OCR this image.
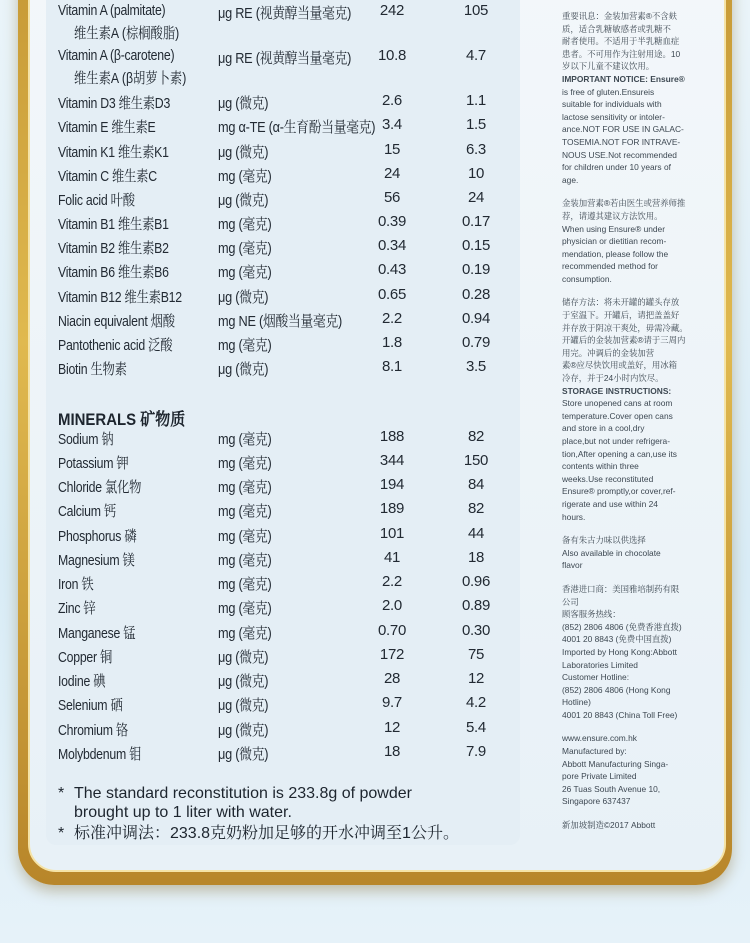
Vitamin A (palmitate)
维生素A (棕榈酸脂)
μg RE (视黄醇当量毫克)	242	105
Vitamin A (β-carotene)
维生素A (β胡萝卜素)
μg RE (视黄醇当量毫克)	10.8	4.7
Vitamin D3 维生素D3	μg (微克)	2.6	1.1
Vitamin E 维生素E	mg α-TE (α-生育酚当量毫克) 3.4	1.5
Vitamin K1 维生素K1	μg (微克)	15	6.3
Vitamin C 维生素C	mg (毫克)	24	10
Folic acid 叶酸	μg (微克)	56	24
Vitamin B1 维生素B1	mg (毫克)	0.39	0.17
Vitamin B2 维生素B2	mg (毫克)	0.34	0.15
Vitamin B6 维生素B6	mg (毫克)	0.43	0.19
Vitamin B12 维生素B12 μg (微克)	0.65	0.28
Niacin equivalent 烟酸	mg NE (烟酸当量毫克)	2.2	0.94
Pantothenic acid 泛酸	mg (毫克)	1.8	0.79
Biotin 生物素	μg (微克)	8.1	3.5
MINERALS 矿物质
Sodium 钠	mg (毫克)	188	82
Potassium 钾	mg (毫克)	344	150
Chloride 氯化物	mg (毫克)	194	84
Calcium 钙	mg (毫克)	189	82
Phosphorus 磷	mg (毫克)	101	44
Magnesium 镁	mg (毫克)	41	18
Iron 铁	mg (毫克)	2.2	0.96
Zinc 锌	mg (毫克)	2.0	0.89
Manganese 锰	mg (毫克)	0.70	0.30
Copper 铜	μg (微克)	172	75
Iodine 碘	μg (微克)	28	12
Selenium 硒	μg (微克)	9.7	4.2
Chromium 铬	μg (微克)	12	5.4
Molybdenum 钼	μg (微克)	18	7.9
* The standard reconstitution is 233.8g of powder
brought up to 1 liter with water.
* 标准冲调法：233.8克奶粉加足够的开水冲调至1公升。

重要讯息：金装加营素®不含麸
质，适合乳糖敏感者或乳糖不
耐者使用。不适用于半乳糖血症
患者。不可用作为注射用途。10
岁以下儿童不建议饮用。
IMPORTANT NOTICE: Ensure®
is free of gluten.Ensureis
suitable for individuals with
lactose sensitivity or intoler-
ance.NOT FOR USE IN GALAC-
TOSEMIA.NOT FOR INTRAVE-
NOUS USE.Not recommended
for children under 10 years of
age.

金装加营素®若由医生或营养师推
荐，请遵其建议方法饮用。
When using Ensure® under
physician or dietitian recom-
mendation, please follow the
recommended method for
consumption.

储存方法：将未开罐的罐头存放
于室温下。开罐后，请把盖盖好
并存放于阴凉干爽处，毋需冷藏。
开罐后的金装加营素®请于三周内
用完。冲调后的金装加营
素®应尽快饮用或盖好，用冰箱
冷存，并于24小时内饮尽。
STORAGE INSTRUCTIONS:
Store unopened cans at room
temperature.Cover open cans
and store in a cool,dry
place,but not under refrigera-
tion,After opening a can,use its
contents within three
weeks.Use reconstituted
Ensure® promptly,or cover,ref-
rigerate and use within 24
hours.

备有朱古力味以供选择
Also available in chocolate
flavor

香港进口商：美国雅培制药有限
公司
顾客服务热线：
(852) 2806 4806 (免费香港直拨)
4001 20 8843 (免费中国直拨)
Imported by Hong Kong:Abbott
Laboratories Limited
Customer Hotline:
(852) 2806 4806 (Hong Kong
Hotline)
4001 20 8843 (China Toll Free)

www.ensure.com.hk
Manufactured by:
Abbott Manufacturing Singa-
pore Private Limited
26 Tuas South Avenue 10,
Singapore 637437

新加坡制造©2017 Abbott
